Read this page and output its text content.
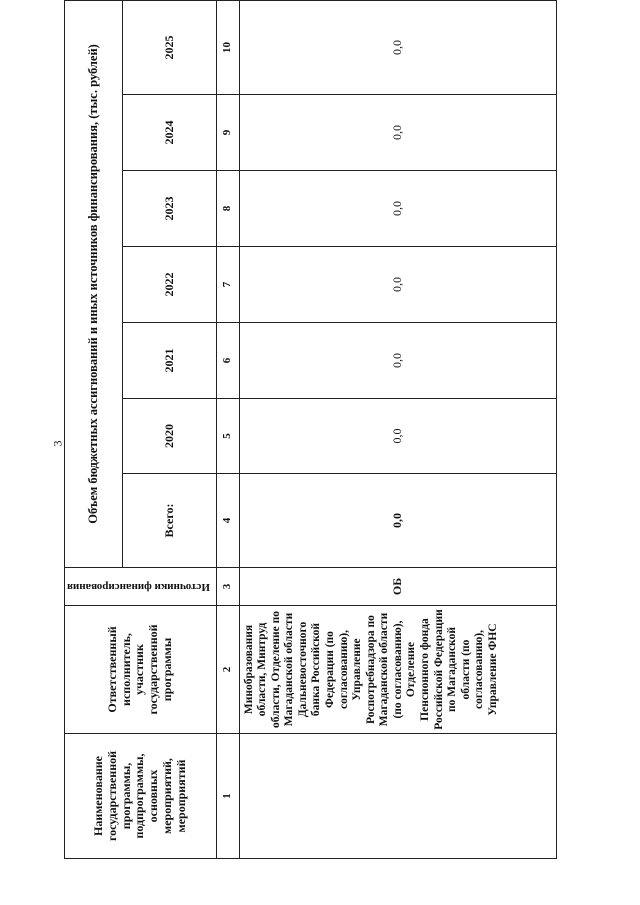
3
Наименование государственной программы, подпрограммы, основных мероприятий, мероприятий	Ответственный исполнитель, участник государственной программы	Источники финансирования	Объем бюджетных ассигнований и иных источников финансирования, (тыс. рублей)						
			Всего:	2020	2021	2022	2023	2024	2025
1	2	3	4	5	6	7	8	9	10
	Минобразования области, Минтруд области, Отделение по Магаданской области Дальневосточного банка Российской Федерации (по согласованию), Управление Роспотребнадзора по Магаданской области (по согласованию), Отделение Пенсионного фонда Российской Федерации по Магаданской области (по согласованию), Управление ФНС	ОБ	0,0	0,0	0,0	0,0	0,0	0,0	0,0
